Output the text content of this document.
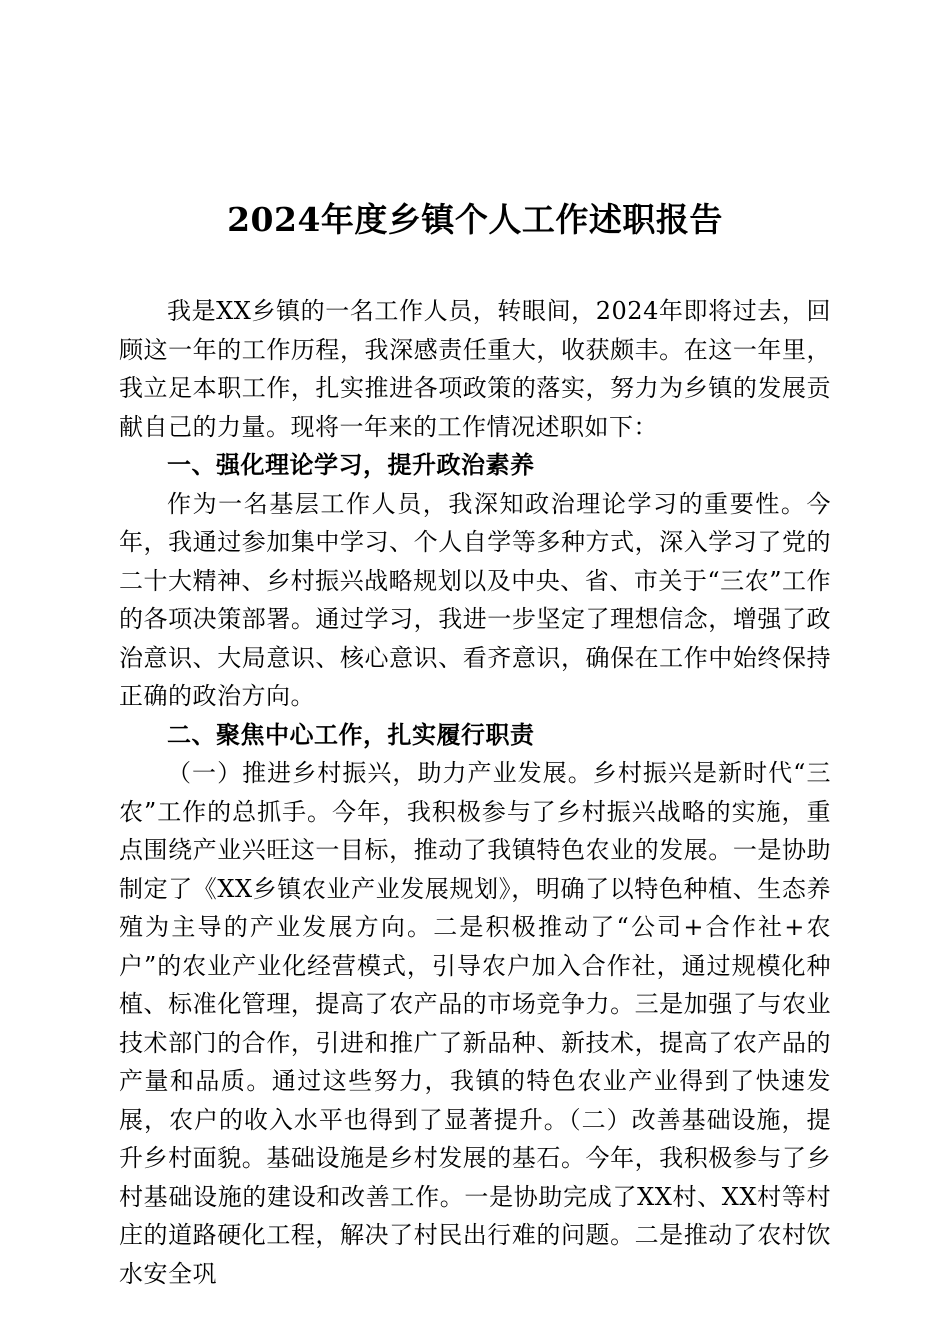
2024年度乡镇个人工作述职报告

我是XX乡镇的一名工作人员，转眼间，2024年即将过去，回顾这一年的工作历程，我深感责任重大，收获颇丰。在这一年里，我立足本职工作，扎实推进各项政策的落实，努力为乡镇的发展贡献自己的力量。现将一年来的工作情况述职如下：

一、强化理论学习，提升政治素养

作为一名基层工作人员，我深知政治理论学习的重要性。今年，我通过参加集中学习、个人自学等多种方式，深入学习了党的二十大精神、乡村振兴战略规划以及中央、省、市关于“三农”工作的各项决策部署。通过学习，我进一步坚定了理想信念，增强了政治意识、大局意识、核心意识、看齐意识，确保在工作中始终保持正确的政治方向。

二、聚焦中心工作，扎实履行职责

（一）推进乡村振兴，助力产业发展。乡村振兴是新时代“三农”工作的总抓手。今年，我积极参与了乡村振兴战略的实施，重点围绕产业兴旺这一目标，推动了我镇特色农业的发展。一是协助制定了《XX乡镇农业产业发展规划》，明确了以特色种植、生态养殖为主导的产业发展方向。二是积极推动了“公司+合作社+农户”的农业产业化经营模式，引导农户加入合作社，通过规模化种植、标准化管理，提高了农产品的市场竞争力。三是加强了与农业技术部门的合作，引进和推广了新品种、新技术，提高了农产品的产量和品质。通过这些努力，我镇的特色农业产业得到了快速发展，农户的收入水平也得到了显著提升。（二）改善基础设施，提升乡村面貌。基础设施是乡村发展的基石。今年，我积极参与了乡村基础设施的建设和改善工作。一是协助完成了XX村、XX村等村庄的道路硬化工程，解决了村民出行难的问题。二是推动了农村饮水安全巩
